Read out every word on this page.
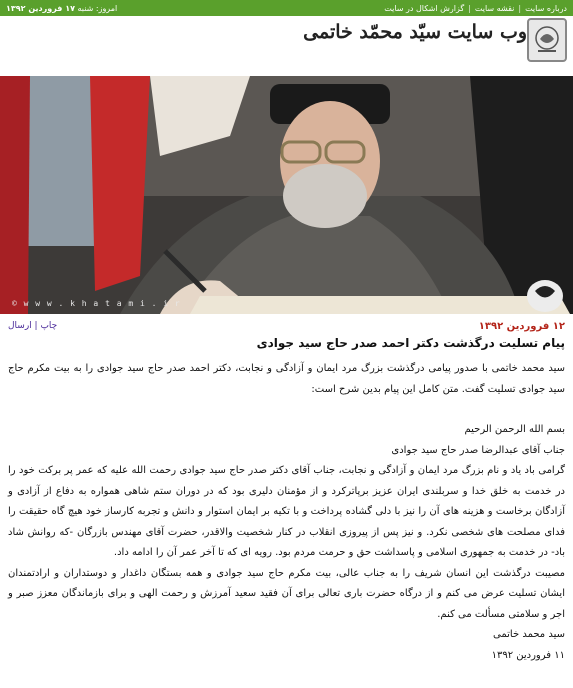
امروز: شنبه ۱۷ فروردین ۱۳۹۲	درباره سایت
|
نقشه سایت
|
گزارش اشکال در سایت
وب سایت سیّد محمّد خاتمی
© w w w . k h a t a m i . i r
چاپ | ارسال	۱۲ فروردین ۱۳۹۲
پیام تسلیت درگذشت دکتر احمد صدر حاج سید جوادی

سید محمد خاتمی با صدور پیامی درگذشت بزرگ مرد ایمان و آزادگی و نجابت، دکتر احمد صدر حاج سید جوادی را به بیت مکرم حاج سید جوادی تسلیت گفت. متن کامل این پیام بدین شرح است:

بسم الله الرحمن الرحیم

جناب آقای عبدالرضا صدر حاج سید جوادی

گرامی باد یاد و نام بزرگ مرد ایمان و آزادگی و نجابت، جناب آقای دکتر صدر حاج سید جوادی رحمت الله علیه که عمر پر برکت خود را در خدمت به خلق خدا و سربلندی ایران عزیز برپاترکرد و از مؤمنان دلیری بود که در دوران ستم شاهی همواره به دفاع از آزادی و آزادگان برخاست و هزینه های آن را نیز با دلی گشاده پرداخت و با تکیه بر ایمان استوار و دانش و تجربه کارساز خود هیچ گاه حقیقت را فدای مصلحت های شخصی نکرد. و نیز پس از پیروزی انقلاب در کنار شخصیت والاقدر، حضرت آقای مهندس بازرگان -که روانش شاد باد- در خدمت به جمهوری اسلامی و پاسداشت حق و حرمت مردم بود. رویه ای که تا آخر عمر آن را ادامه داد.

مصیبت درگذشت این انسان شریف را به جناب عالی، بیت مکرم حاج سید جوادی و همه بستگان داغدار و دوستداران و ارادتمندان ایشان تسلیت عرض می کنم و از درگاه حضرت باری تعالی برای آن فقید سعید آمرزش و رحمت الهی و برای بازماندگان معزز صبر و اجر و سلامتی مسألت می کنم.

سید محمد خاتمی

۱۱ فروردین ۱۳۹۲
